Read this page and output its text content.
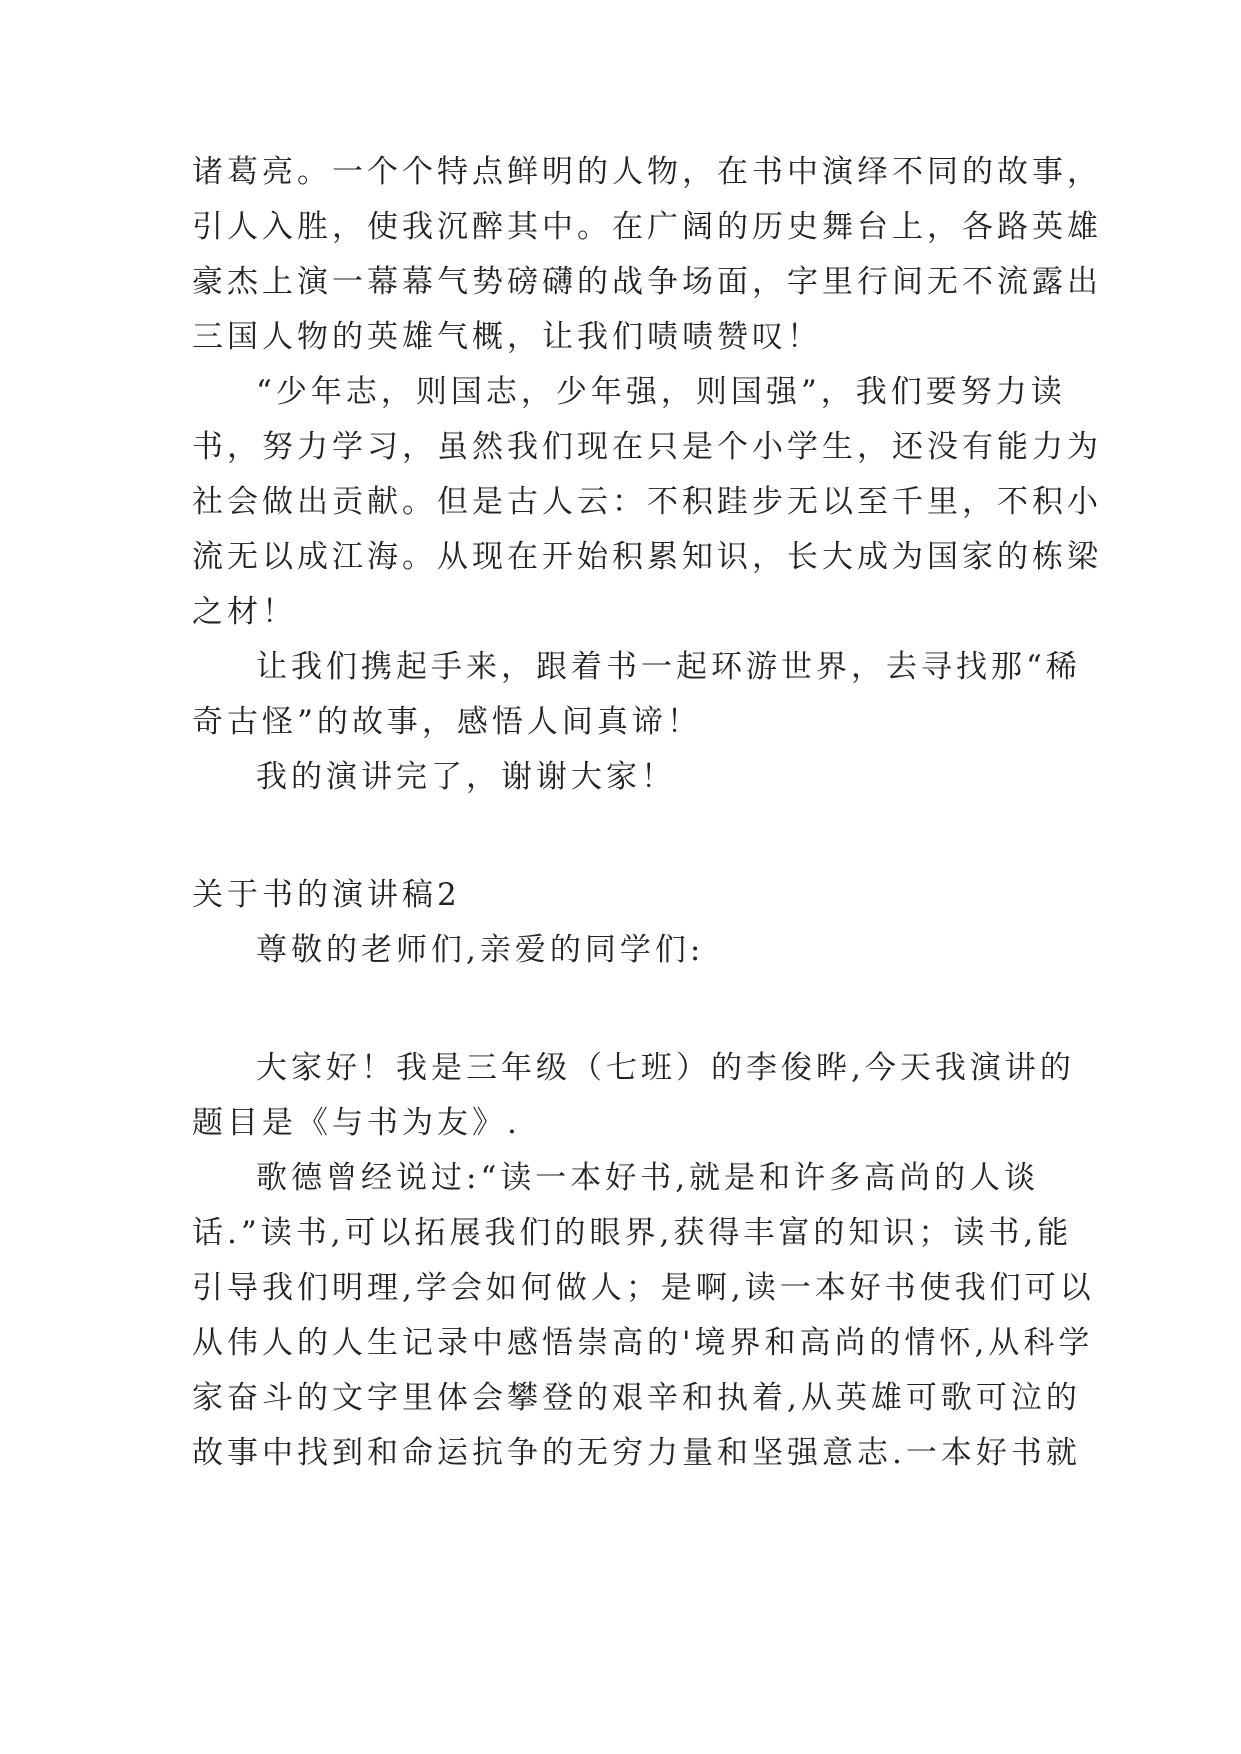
诸葛亮。一个个特点鲜明的人物，在书中演绎不同的故事，
引人入胜，使我沉醉其中。在广阔的历史舞台上，各路英雄
豪杰上演一幕幕气势磅礴的战争场面，字里行间无不流露出
三国人物的英雄气概，让我们啧啧赞叹！
“少年志，则国志，少年强，则国强”，我们要努力读
书，努力学习，虽然我们现在只是个小学生，还没有能力为
社会做出贡献。但是古人云：不积跬步无以至千里，不积小
流无以成江海。从现在开始积累知识，长大成为国家的栋梁
之材！
让我们携起手来，跟着书一起环游世界，去寻找那“稀
奇古怪”的故事，感悟人间真谛！
我的演讲完了，谢谢大家！
关于书的演讲稿2
尊敬的老师们,亲爱的同学们:
大家好！我是三年级（七班）的李俊晔,今天我演讲的
题目是《与书为友》.
歌德曾经说过:“读一本好书,就是和许多高尚的人谈
话.”读书,可以拓展我们的眼界,获得丰富的知识；读书,能
引导我们明理,学会如何做人；是啊,读一本好书使我们可以
从伟人的人生记录中感悟崇高的'境界和高尚的情怀,从科学
家奋斗的文字里体会攀登的艰辛和执着,从英雄可歌可泣的
故事中找到和命运抗争的无穷力量和坚强意志.一本好书就
